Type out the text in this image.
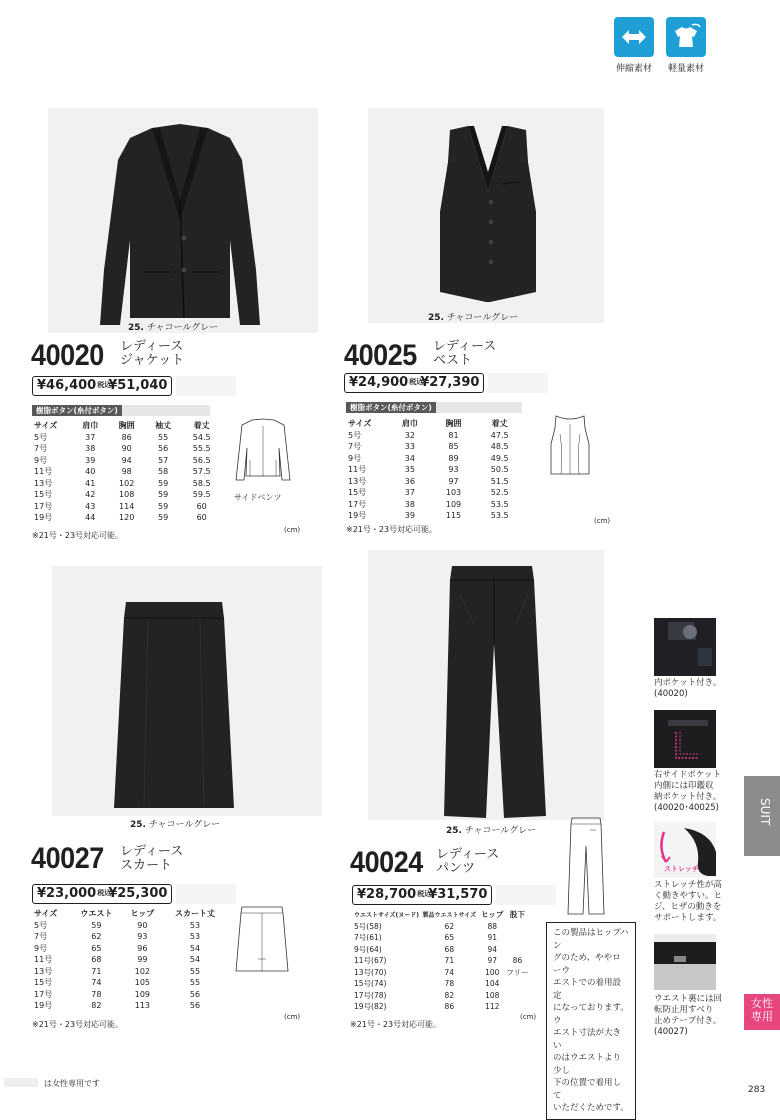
伸縮素材	軽量素材
25. チャコールグレー
40020 レディース
ジャケット
¥46,400税込¥51,040
樹脂ボタン(糸付ボタン)
サイズ	肩巾	胸囲	袖丈	着丈
5号	37	86	55	54.5
7号	38	90	56	55.5
9号	39	94	57	56.5
11号	40	98	58	57.5
13号	41	102	59	58.5
15号	42	108	59	59.5
17号	43	114	59	60
19号	44	120	59	60
サイドベンツ
(cm)
※21号・23号対応可能。
25. チャコールグレー
40025 レディース
ベスト
¥24,900税込¥27,390
樹脂ボタン(糸付ボタン)
サイズ	肩巾	胸囲	着丈
5号	32	81	47.5
7号	33	85	48.5
9号	34	89	49.5
11号	35	93	50.5
13号	36	97	51.5
15号	37	103	52.5
17号	38	109	53.5
19号	39	115	53.5
(cm)
※21号・23号対応可能。
25. チャコールグレー
40027 レディース
スカート
¥23,000税込¥25,300
サイズ	ウエスト	ヒップ	スカート丈
5号	59	90	53
7号	62	93	53
9号	65	96	54
11号	68	99	54
13号	71	102	55
15号	74	105	55
17号	78	109	56
19号	82	113	56
(cm)
※21号・23号対応可能。
25. チャコールグレー
40024 レディース
パンツ
¥28,700税込¥31,570
ウエストサイズ(ヌード)	製品ウエストサイズ	ヒップ	股下
5号(58)	62	88	
7号(61)	65	91	
9号(64)	68	94	
11号(67)	71	97	86
13号(70)	74	100	フリー
15号(74)	78	104	
17号(78)	82	108	
19号(82)	86	112	
この製品はヒップハン
グのため、ややローウ
エストでの着用設定
になっております。ウ
エスト寸法が大きい
のはウエストより少し
下の位置で着用して
いただくためです。
(cm)
※21号・23号対応可能。
内ポケット付き。
(40020)
右サイドポケット
内側には印鑑収
納ポケット付き。
(40020･40025)
ストレッチ
ストレッチ性が高
く動きやすい。ヒ
ジ、ヒザの動きを
サポートします。
ウエスト裏には回
転防止用すべり
止めテープ付き。
(40027)
SUIT
女性
専用
は女性専用です
283
